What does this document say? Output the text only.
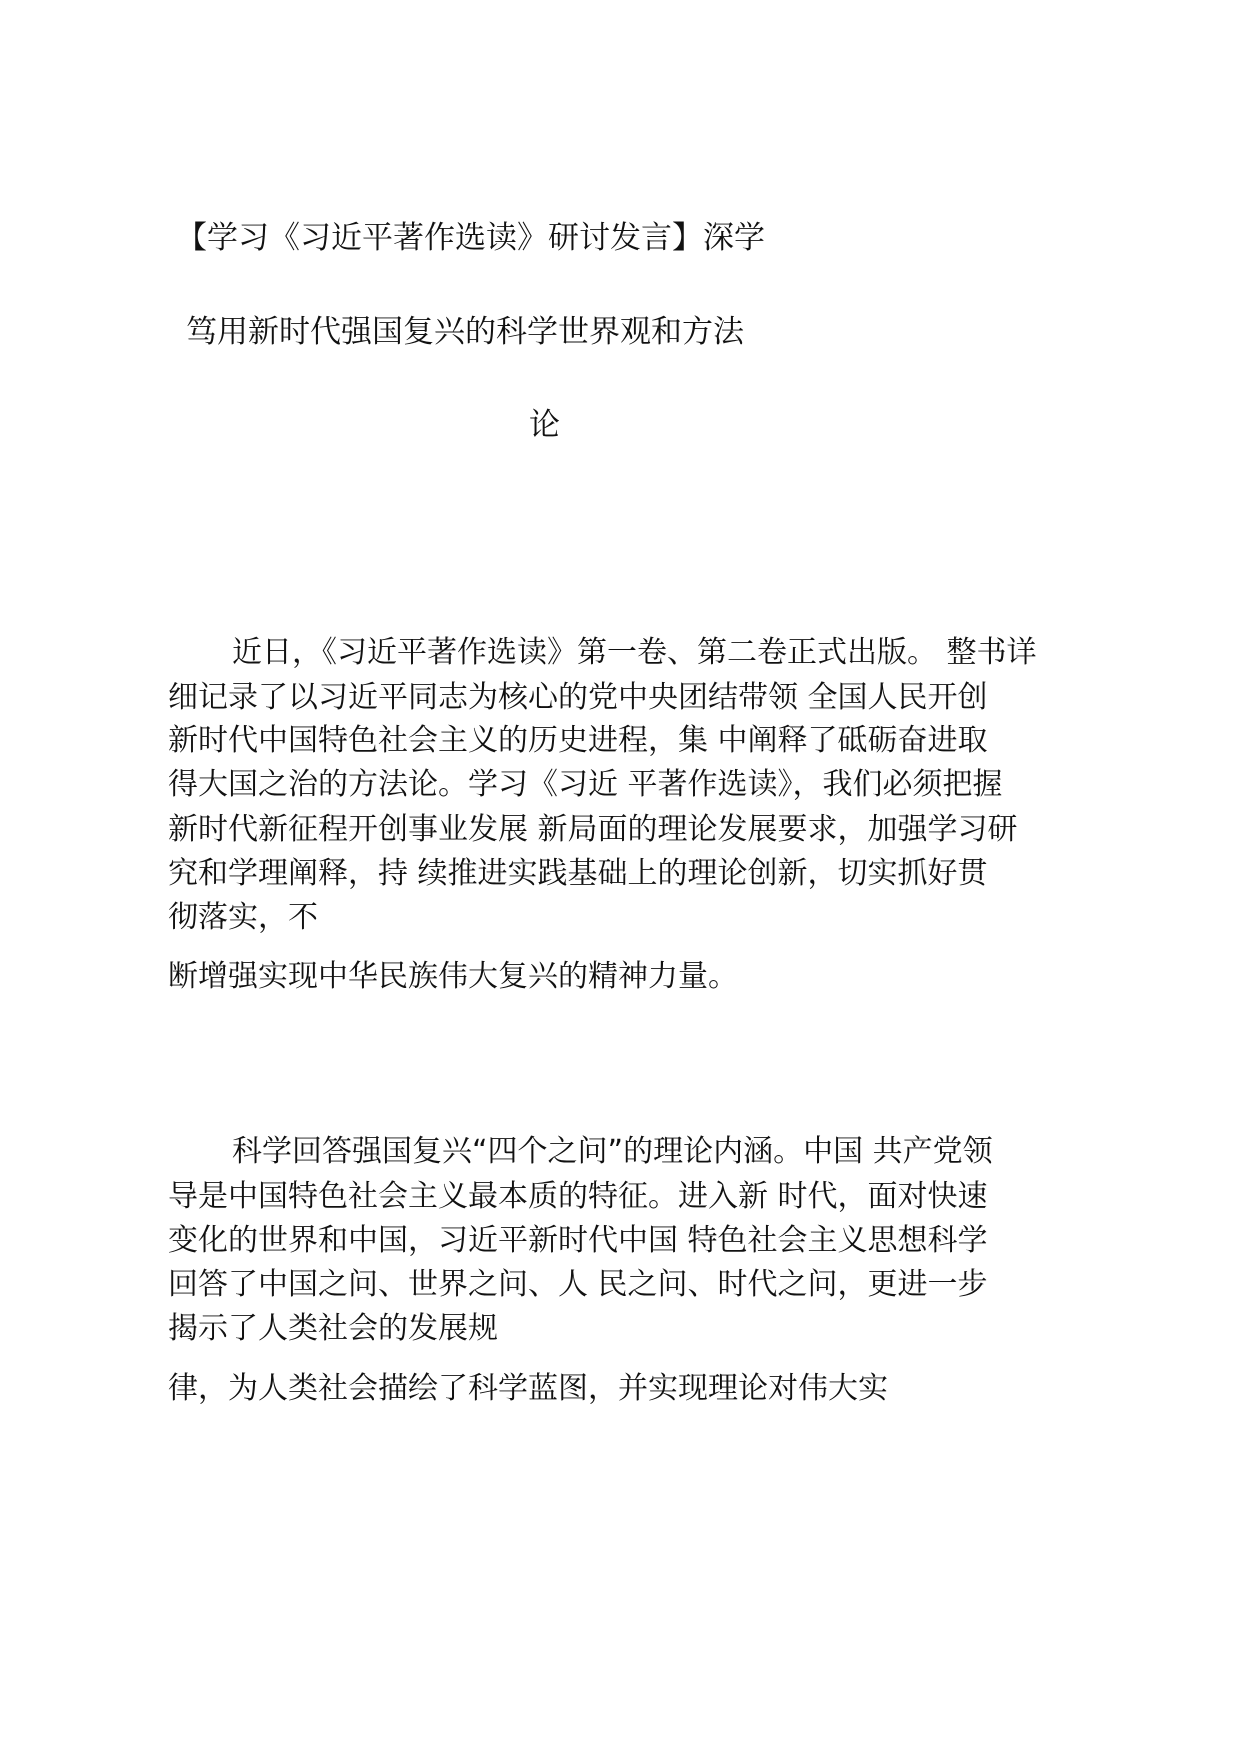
【学习《习近平著作选读》研讨发言】深学
笃用新时代强国复兴的科学世界观和方法
论
近日，《习近平著作选读》第一卷、第二卷正式出版。 整书详
细记录了以习近平同志为核心的党中央团结带领 全国人民开创
新时代中国特色社会主义的历史进程，集 中阐释了砥砺奋进取
得大国之治的方法论。学习《习近 平著作选读》，我们必须把握
新时代新征程开创事业发展 新局面的理论发展要求，加强学习研
究和学理阐释，持 续推进实践基础上的理论创新，切实抓好贯
彻落实，不
断增强实现中华民族伟大复兴的精神力量。
科学回答强国复兴“四个之问”的理论内涵。中国 共产党领
导是中国特色社会主义最本质的特征。进入新 时代，面对快速
变化的世界和中国，习近平新时代中国 特色社会主义思想科学
回答了中国之问、世界之问、人 民之问、时代之问，更进一步
揭示了人类社会的发展规
律，为人类社会描绘了科学蓝图，并实现理论对伟大实
